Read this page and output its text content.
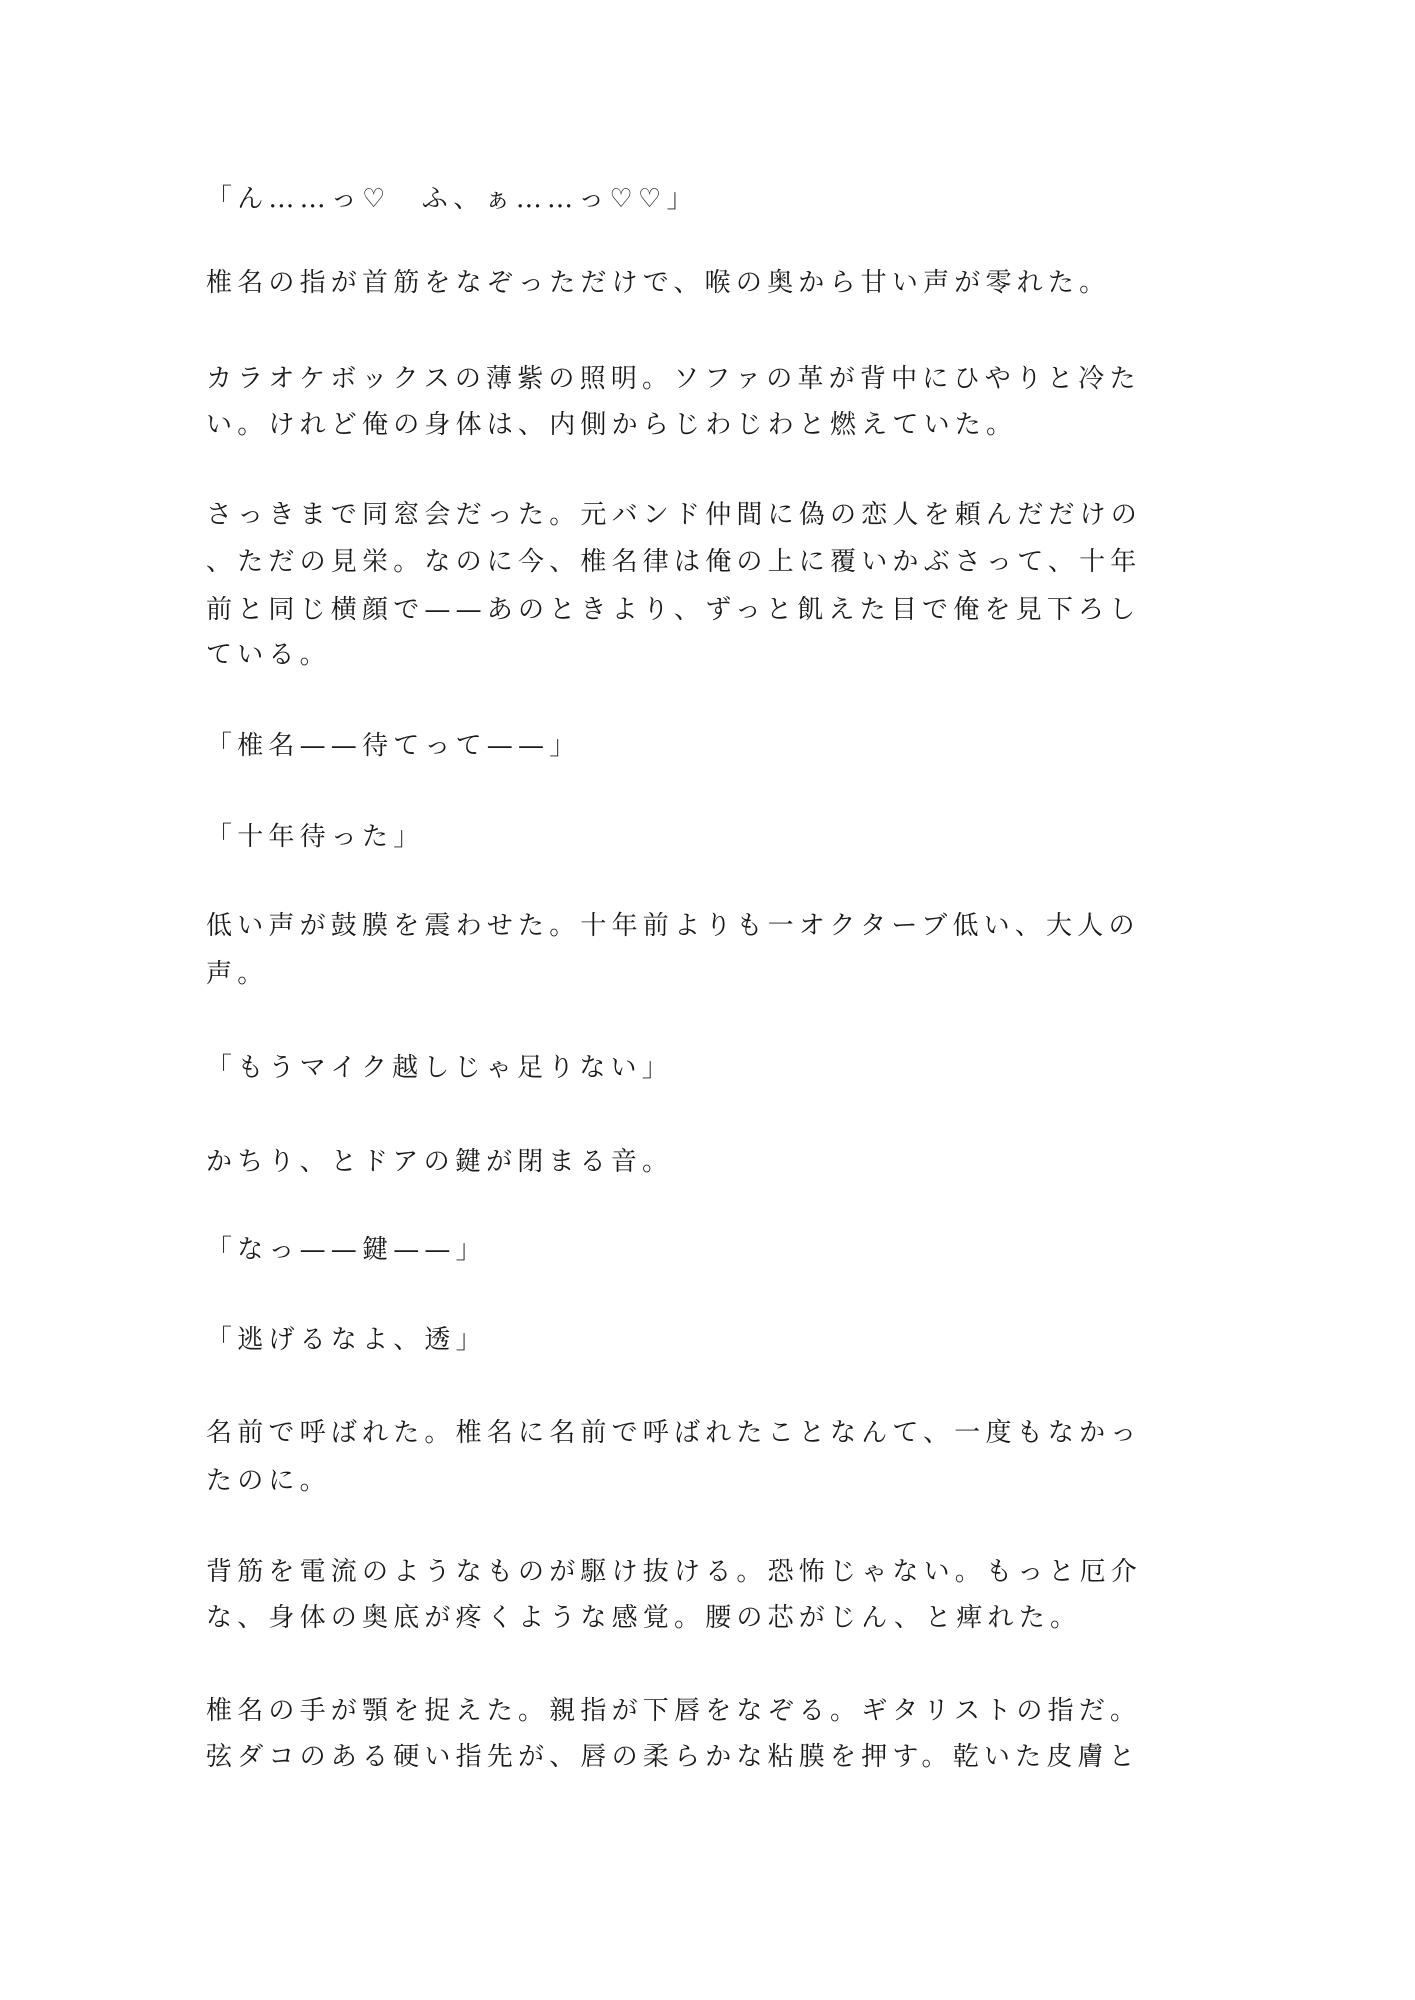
「ん……っ♡　ふ、ぁ……っ♡♡」
椎名の指が首筋をなぞっただけで、喉の奥から甘い声が零れた。
カラオケボックスの薄紫の照明。ソファの革が背中にひやりと冷た
い。けれど俺の身体は、内側からじわじわと燃えていた。
さっきまで同窓会だった。元バンド仲間に偽の恋人を頼んだだけの
、ただの見栄。なのに今、椎名律は俺の上に覆いかぶさって、十年
前と同じ横顔で——あのときより、ずっと飢えた目で俺を見下ろし
ている。
「椎名——待てって——」
「十年待った」
低い声が鼓膜を震わせた。十年前よりも一オクターブ低い、大人の
声。
「もうマイク越しじゃ足りない」
かちり、とドアの鍵が閉まる音。
「なっ——鍵——」
「逃げるなよ、透」
名前で呼ばれた。椎名に名前で呼ばれたことなんて、一度もなかっ
たのに。
背筋を電流のようなものが駆け抜ける。恐怖じゃない。もっと厄介
な、身体の奥底が疼くような感覚。腰の芯がじん、と痺れた。
椎名の手が顎を捉えた。親指が下唇をなぞる。ギタリストの指だ。
弦ダコのある硬い指先が、唇の柔らかな粘膜を押す。乾いた皮膚と
